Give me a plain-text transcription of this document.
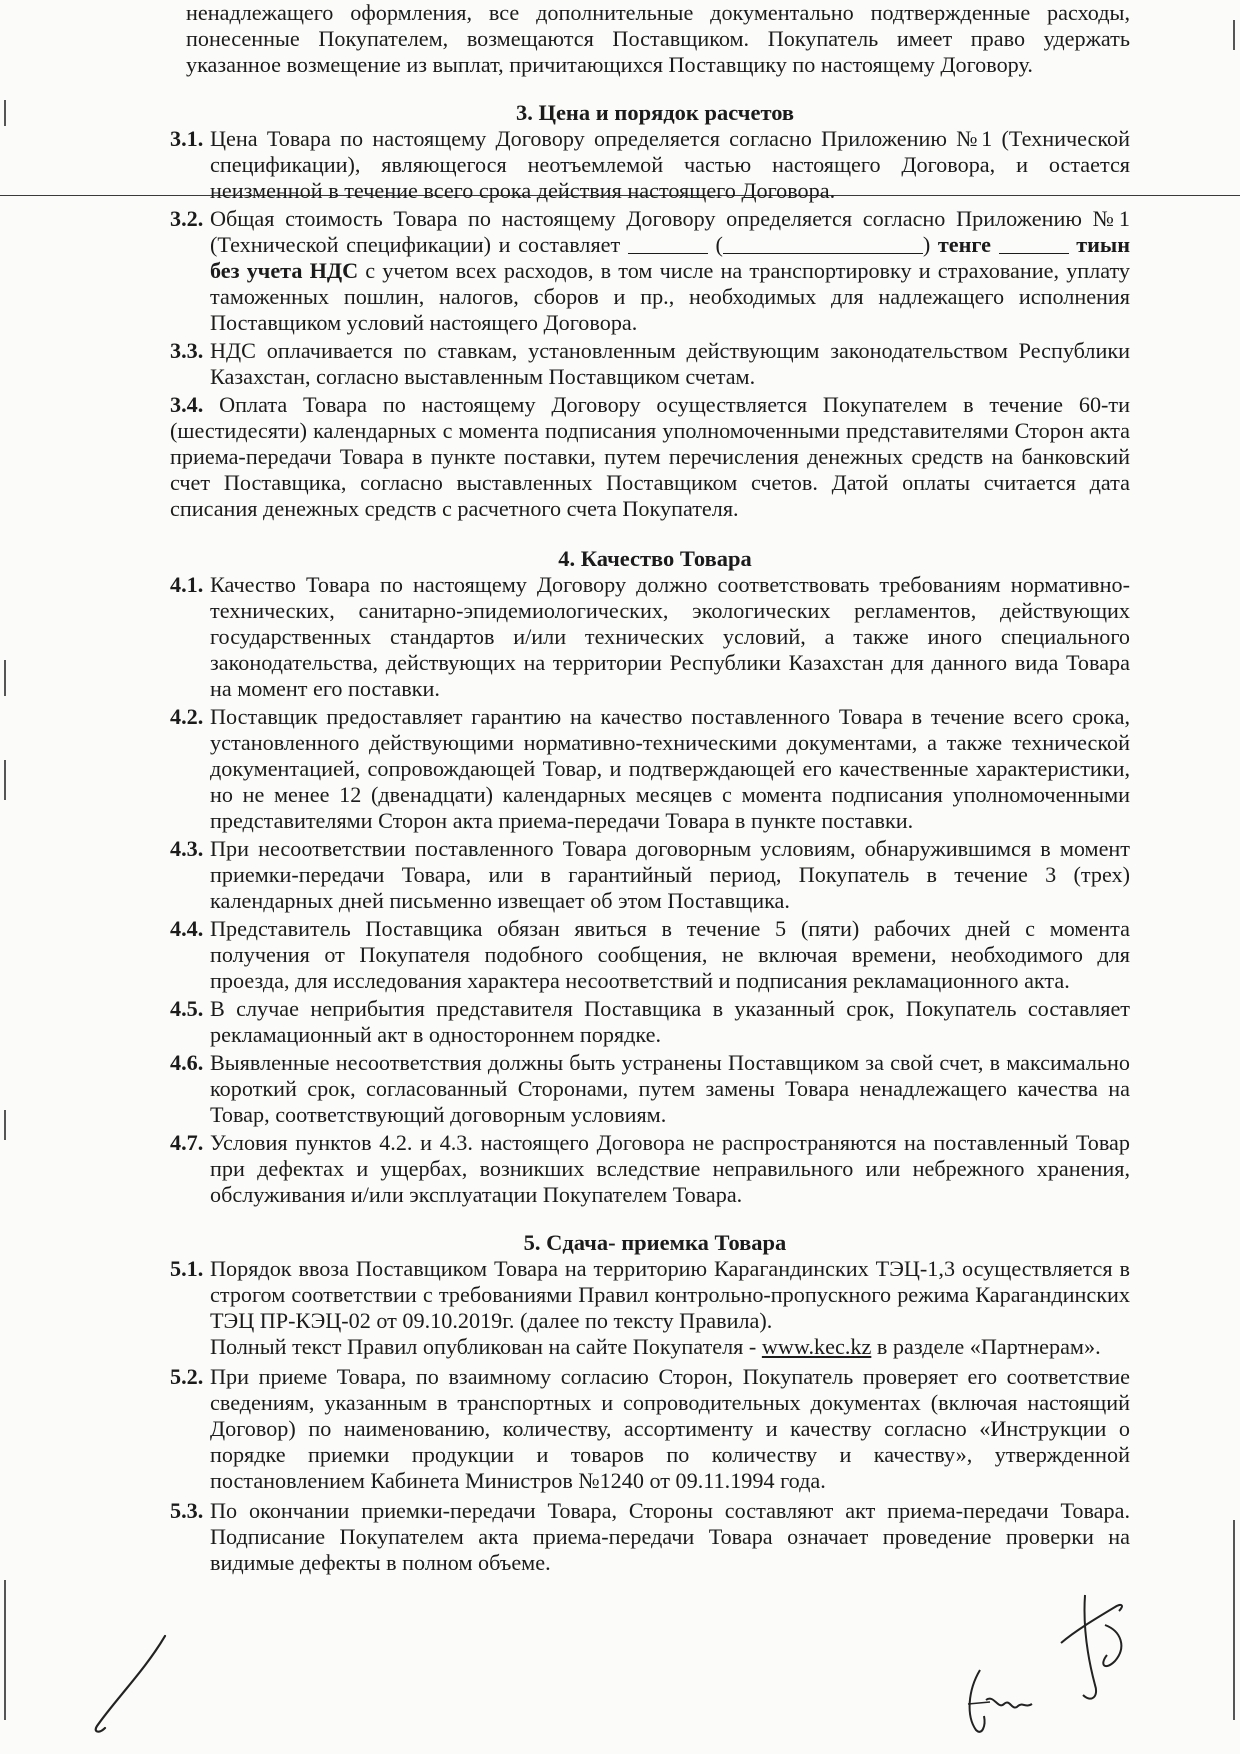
ненадлежащего оформления, все дополнительные документально подтвержденные расходы, понесенные Покупателем, возмещаются Поставщиком. Покупатель имеет право удержать указанное возмещение из выплат, причитающихся Поставщику по настоящему Договору.
3. Цена и порядок расчетов
3.1. Цена Товара по настоящему Договору определяется согласно Приложению №1 (Технической спецификации), являющегося неотъемлемой частью настоящего Договора, и остается неизменной в течение всего срока действия настоящего Договора.
3.2. Общая стоимость Товара по настоящему Договору определяется согласно Приложению №1 (Технической спецификации) и составляет	(	) тенге	тиын без учета НДС с учетом всех расходов, в том числе на транспортировку и страхование, уплату таможенных пошлин, налогов, сборов и пр., необходимых для надлежащего исполнения Поставщиком условий настоящего Договора.
3.3. НДС оплачивается по ставкам, установленным действующим законодательством Республики Казахстан, согласно выставленным Поставщиком счетам.
3.4. Оплата Товара по настоящему Договору осуществляется Покупателем в течение 60-ти (шестидесяти) календарных с момента подписания уполномоченными представителями Сторон акта приема-передачи Товара в пункте поставки, путем перечисления денежных средств на банковский счет Поставщика, согласно выставленных Поставщиком счетов. Датой оплаты считается дата списания денежных средств с расчетного счета Покупателя.
4. Качество Товара
4.1. Качество Товара по настоящему Договору должно соответствовать требованиям нормативно-технических, санитарно-эпидемиологических, экологических регламентов, действующих государственных стандартов и/или технических условий, а также иного специального законодательства, действующих на территории Республики Казахстан для данного вида Товара на момент его поставки.
4.2. Поставщик предоставляет гарантию на качество поставленного Товара в течение всего срока, установленного действующими нормативно-техническими документами, а также технической документацией, сопровождающей Товар, и подтверждающей его качественные характеристики, но не менее 12 (двенадцати) календарных месяцев с момента подписания уполномоченными представителями Сторон акта приема-передачи Товара в пункте поставки.
4.3. При несоответствии поставленного Товара договорным условиям, обнаружившимся в момент приемки-передачи Товара, или в гарантийный период, Покупатель в течение 3 (трех) календарных дней письменно извещает об этом Поставщика.
4.4. Представитель Поставщика обязан явиться в течение 5 (пяти) рабочих дней с момента получения от Покупателя подобного сообщения, не включая времени, необходимого для проезда, для исследования характера несоответствий и подписания рекламационного акта.
4.5. В случае неприбытия представителя Поставщика в указанный срок, Покупатель составляет рекламационный акт в одностороннем порядке.
4.6. Выявленные несоответствия должны быть устранены Поставщиком за свой счет, в максимально короткий срок, согласованный Сторонами, путем замены Товара ненадлежащего качества на Товар, соответствующий договорным условиям.
4.7. Условия пунктов 4.2. и 4.3. настоящего Договора не распространяются на поставленный Товар при дефектах и ущербах, возникших вследствие неправильного или небрежного хранения, обслуживания и/или эксплуатации Покупателем Товара.
5. Сдача- приемка Товара
5.1. Порядок ввоза Поставщиком Товара на территорию Карагандинских ТЭЦ-1,3 осуществляется в строгом соответствии с требованиями Правил контрольно-пропускного режима Карагандинских ТЭЦ ПР-КЭЦ-02 от 09.10.2019г. (далее по тексту Правила).
Полный текст Правил опубликован на сайте Покупателя - www.kec.kz в разделе «Партнерам».
5.2. При приеме Товара, по взаимному согласию Сторон, Покупатель проверяет его соответствие сведениям, указанным в транспортных и сопроводительных документах (включая настоящий Договор) по наименованию, количеству, ассортименту и качеству согласно «Инструкции о порядке приемки продукции и товаров по количеству и качеству», утвержденной постановлением Кабинета Министров №1240 от 09.11.1994 года.
5.3. По окончании приемки-передачи Товара, Стороны составляют акт приема-передачи Товара. Подписание Покупателем акта приема-передачи Товара означает проведение проверки на видимые дефекты в полном объеме.
